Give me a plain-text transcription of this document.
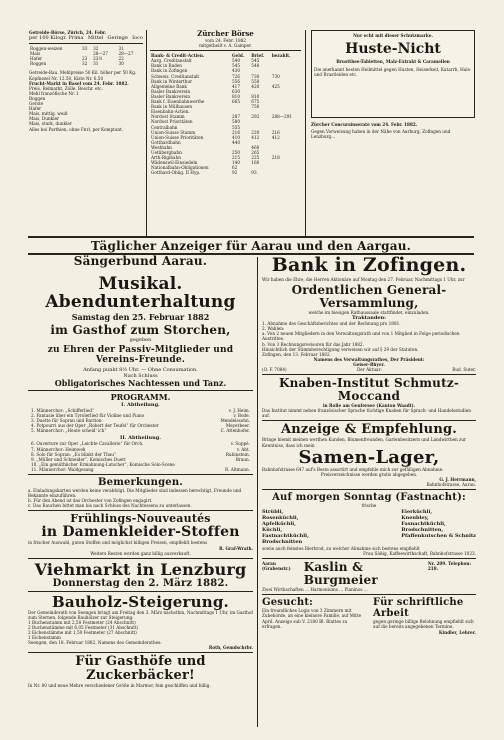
Getreide-Börse, Zürich, 24. Febr.
per 100 Kilogr. Prima Mittel Geringe Ioco
Roggen-weizen	33	32	31
Mais		28—27	28—27
Hafer	23	23½	22
Roggen	32	31	30
Getreide-Bau. Mehlpreise 50 Kil. höher per 50 Kg.
Kopfnezel Nr. 12.50, Kiste Nr. 6.50
Frucht-Markt in Basel vom 24. Febr. 1882.
Preis, Reimarkt, Zölle, Beschr. etc.
Mehl franzöfische Nr. 1
Roggen
Gerste
Hafer
Mais, mittlg. weiß
Mais, Dunkler
Mais, stark, dunkler
Alles bei Parthien, ohne Fnrl, per Komptant.
Zürcher Börse
vom 24. Febr. 1882
mitgetheilt v. A. Gamper.
Bank- & Credit-Actien.	Geld.	Brief.	bezahlt.
Aarg. Creditanstalt	540	545	
Bank in Baden	545	548	
Bank in Zofingen	430		
Schweiz. Creditanstalt	726	730	730
Bank in Winterthur	556	558	
Allgemeine Bank	417	420	425
Basler Bankverein	630		
Basler Bankverein	810	810	
Bank f. Eisenbahnwerthe	665	675	
Bank in Mülhausen		750	
Eisenbahn-Actien.			
Nordost Stamm	287	292	288—291
Nordost Prioritäten	580		
Centralbahn	555		
Union-Suisse Stamm	216	220	216
Union-Suisse Prioritäten	410	412	412
Gotthardbahn	440		
Westbahn		460	
Uetlibergbahn	250	265	
Arth-Rigibahn	215	225	218
Wädenswil-Einsiedeln	140	160	
Nationalbahn-Obligationen	62		
Gotthard-Oblig. II Hyp.	92	93	
Nur echt mit dieser Schutzmarke.
Huste-Nicht
Brustthee-Tabletten, Malz-Extrakt & Caramellen
Die anerkannt besten Heilmittel gegen Husten, Heiserkeit, Katarrh, Hals- und Brustleiden etc.
Zürcher Concursinserate vom 24. Febr. 1882.
Gegen Vorweisung haben in der Nähe von Aarburg, Zofingen und Lenzburg...
Täglicher Anzeiger für Aarau und den Aargau.
Sängerbund Aarau.
Musikal. Abendunterhaltung
Samstag den 25. Februar 1882
im Gasthof zum Storchen,
gegeben
zu Ehren der Passiv-Mitglieder und Vereins-Freunde.
Anfang punkt 8½ Uhr. — Ohne Consumation.
Nach Schluss
Obligatorisches Nachtessen und Tanz.
PROGRAMM.
I. Abtheilung.
1. Männerchor: „Schifferlied“	v. J. Heim.
2. Fantasie über ein Tyrolerlied für Violine und Piano	v. Bode.
3. Duette für Sopran und Bariton	Mendelssohn.
4. Potpourri aus der Oper „Robert der Teufel“ für Orchester	Meyerbeer.
5. Männerchor: „Heute scheid' ich“	C. Attenhofer.
II. Abtheilung.
6. Ouverture zur Oper „Leichte Cavallerie“ für Orch.	v. Suppé.
7. Männerchor: Heimweh	v. Abt.
8. Solo für Sopran: „Es blinkt der Thau“	Rubinstein.
9. „Müller und Schneider“, Komisches Duett	Braun.
10. „Ein gemüthlicher Ermahnung-Lutscher“, Komische Solo-Scene
11. Männerchor: Waldgesang	R. Altmann.
Bemerkungen.
a. Einladungskarten werden keine verabfolgt. Die Mitglieder sind indessen berechtigt, Freunde und Bekannte einzuführen.
b. Für den Abend ist das Orchester von Zofingen engagirt.
c. Das Rauchen bittet man bis nach Schluss des Nachtessens zu unterlassen.
Frühlings-Nouveautés
in Damenkleider-Stoffen
in frischer Auswahl, guten Stoffen und möglichst billigen Preisen, empfiehlt bestens
R. Graf-Wrath.
Weiters Resten werden ganz billig ausverkauft.
Viehmarkt in Lenzburg
Donnerstag den 2. März 1882.
Bauholz-Steigerung.
Der Gemeinderath von Seengen bringt am Freitag den 3. März nächsthin, Nachmittags 1 Uhr, im Gasthof zum Sternen, folgende Bauhölzer zur Steigerung:
1 Buchenstamm mit 2,50 Festmeter (24 Abschnitt)
2 Buchenstämme mit 6,05 Festmeter (31 Abschnitt)
2 Eichenstämme mit 1,50 Festmeter (27 Abschnitt)
1 Eichenstamm
Seengen, den 18. Februar 1882. Namens des Gemeinderathes:
Roth, Gemdschrbr.
Für Gasthöfe und Zuckerbäcker!
In Nr. 80 und neue Mehre verschiedener Größe in Marmor, fein geschliffen und billig.
Bank in Zofingen.
Wir haben die Ehre, die Herren Aktionäre auf Montag den 27. Februar, Nachmittags 1 Uhr, zur
Ordentlichen General-Versammlung,
welche im hiesigen Rathaussaale stattfindet, einzuladen.
Traktanden:
1. Abnahme des Geschäftsberichtes und der Rechnung pro 1881.
2. Wahlen:
a. Von 2 neuen Mitgliedern in den Verwaltungsrath und von 1 Mitglied in Folge periodischen Austrittes.
b. Von 3 Rechnungsrevisoren für das Jahr 1882.
Hinsichtlich der Stimmberechtigung verweisen wir auf § 29 der Statuten.
Zofingen, den 13. Februar 1882.
Namens des Verwaltungsrathes, Der Präsident:
Geiser-Rhyer.
(O. F. 7084)	Der Aktuar:	Rud. Suter.
Knaben-Institut Schmutz-Moccand
in Rolle am Genfersee (Kanton Waadt).
Das Institut nimmt neben französischer Sprache tüchtige Knaben für Sprach- und Handelsstudien auf.
Anzeige & Empfehlung.
Bringe hiemit meinen werthen Kunden, Blumenfreunden, Gartenbesitzern und Landwirthen zur Kenntniss, dass ich mein
Samen-Lager,
Bahnhofstrasse 647 auf's Beste assortirt und empfehle mich zur gefälligen Abnahme.
Preisverzeichnisse werden gratis abgegeben.
G. J. Herrmann,
Bahnhofstrasse, Aarau.
Auf morgen Sonntag (Fastnacht):
frische
Strübli,
Rosenküchli,
Apfelküchli,
Küchli,
Fastnachtküchli,
Brodschnitten
Eierküchli,
Kneubley,
Fasnachtküchli,
Brodschnitten,
Pfaffenkutschen & Schnitz
sowie auch feinstes Bierbrod, zu welcher Abnahme sich bestens empfiehlt
Frau Säßig, Kaffeewirthschaft, Bahnhofstrasse 1023.
Aarau (Grabenstr.)	Kaslin & Burgmeier
Nr. 209. Telephon: 218.
Zwei Wirthschaften ... Harmoniums ... Pianinos ...
Gesucht:
Ein freundliches Logis von 3 Zimmern mit Zubehörde, an eine kleinere Familie, auf Mitte April. Anzeige sub V. 2180 Bl. Blattes zu erfragen.
Für schriftliche Arbeit
gegen geringe billige Belohnung empfiehlt sich auf die bereits angegebenen Termine.
Kindler, Lehrer.
